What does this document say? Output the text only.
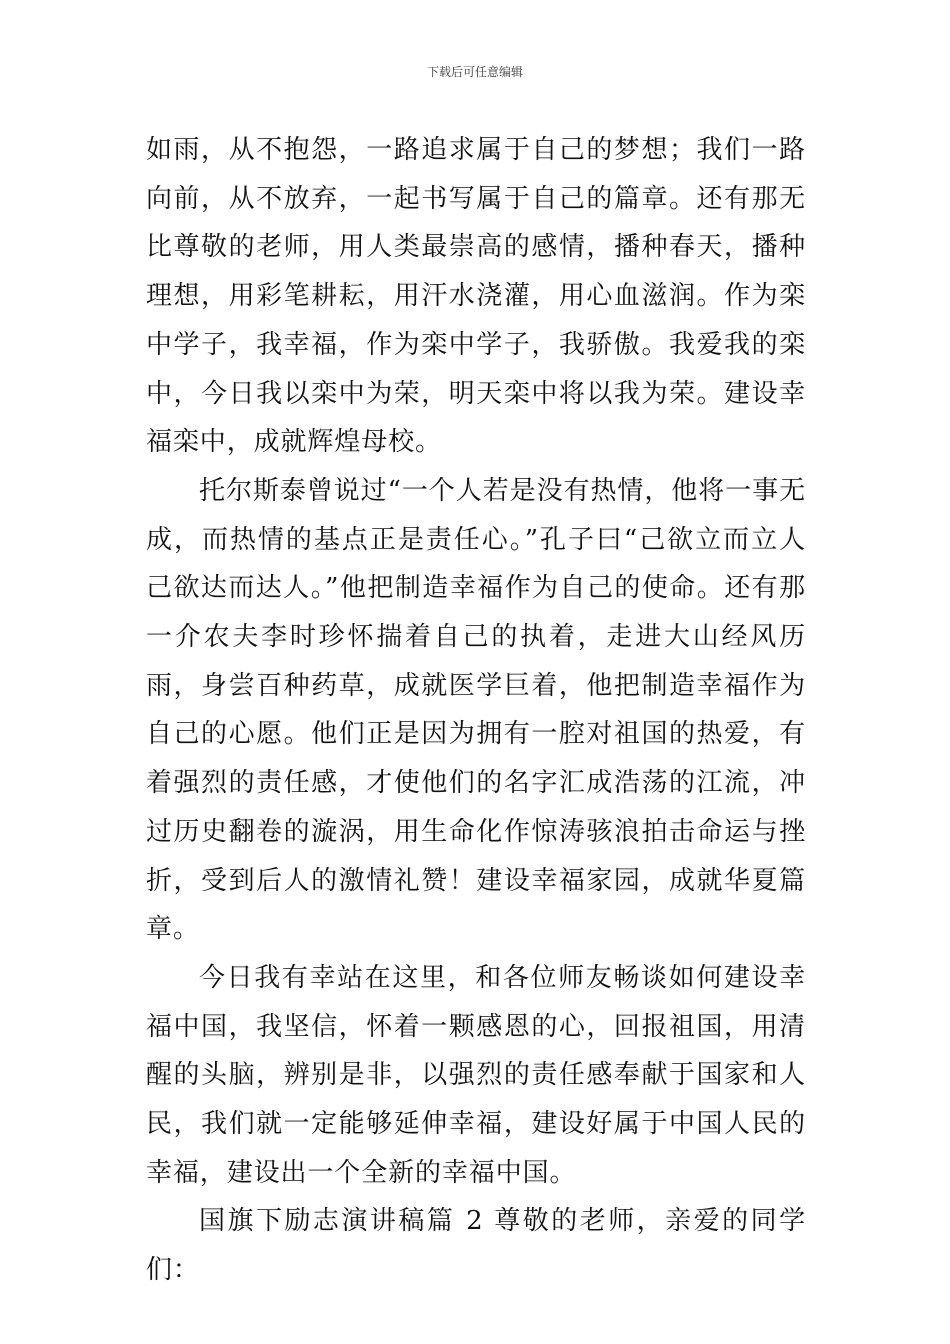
下载后可任意编辑

如雨，从不抱怨，一路追求属于自己的梦想；我们一路向前，从不放弃，一起书写属于自己的篇章。还有那无比尊敬的老师，用人类最崇高的感情，播种春天，播种理想，用彩笔耕耘，用汗水浇灌，用心血滋润。作为栾中学子，我幸福，作为栾中学子，我骄傲。我爱我的栾中，今日我以栾中为荣，明天栾中将以我为荣。建设幸福栾中，成就辉煌母校。

托尔斯泰曾说过“一个人若是没有热情，他将一事无成，而热情的基点正是责任心。”孔子曰“己欲立而立人己欲达而达人。”他把制造幸福作为自己的使命。还有那一介农夫李时珍怀揣着自己的执着，走进大山经风历雨，身尝百种药草，成就医学巨着，他把制造幸福作为自己的心愿。他们正是因为拥有一腔对祖国的热爱，有着强烈的责任感，才使他们的名字汇成浩荡的江流，冲过历史翻卷的漩涡，用生命化作惊涛骇浪拍击命运与挫折，受到后人的激情礼赞！建设幸福家园，成就华夏篇章。

今日我有幸站在这里，和各位师友畅谈如何建设幸福中国，我坚信，怀着一颗感恩的心，回报祖国，用清醒的头脑，辨别是非，以强烈的责任感奉献于国家和人民，我们就一定能够延伸幸福，建设好属于中国人民的幸福，建设出一个全新的幸福中国。

国旗下励志演讲稿篇 2 尊敬的老师，亲爱的同学们：
